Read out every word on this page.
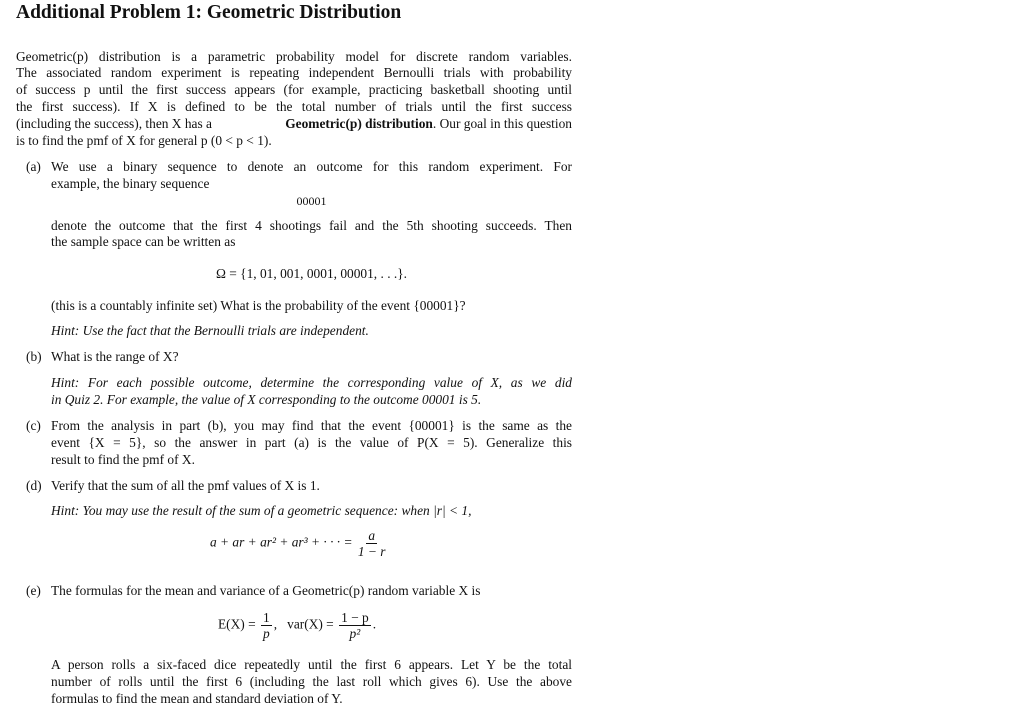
Additional Problem 1: Geometric Distribution
Geometric(p) distribution is a parametric probability model for discrete random variables.
The associated random experiment is repeating independent Bernoulli trials with probability
of success p until the first success appears (for example, practicing basketball shooting until
the first success). If X is defined to be the total number of trials until the first success
(including the success), then X has a	Geometric(p) distribution. Our goal in this question
is to find the pmf of X for general p (0 < p < 1).
(a) We use a binary sequence to denote an outcome for this random experiment. For
example, the binary sequence
00001
denote the outcome that the first 4 shootings fail and the 5th shooting succeeds. Then
the sample space can be written as
Ω = {1, 01, 001, 0001, 00001, . . .}.
(this is a countably infinite set) What is the probability of the event {00001}?
Hint: Use the fact that the Bernoulli trials are independent.
(b) What is the range of X?
Hint: For each possible outcome, determine the corresponding value of X, as we did
in Quiz 2. For example, the value of X corresponding to the outcome 00001 is 5.
(c) From the analysis in part (b), you may find that the event {00001} is the same as the
event {X = 5}, so the answer in part (a) is the value of P(X = 5). Generalize this
result to find the pmf of X.
(d) Verify that the sum of all the pmf values of X is 1.
Hint: You may use the result of the sum of a geometric sequence: when |r| < 1,
a + ar + ar² + ar³ + · · · = $\frac{a}{1 - r}$
(e) The formulas for the mean and variance of a Geometric(p) random variable X is
$E(X) = \frac{1}{p}$ , $var(X) = \frac{1 - p}{\text{p²}}$ .
A person rolls a six-faced dice repeatedly until the first 6 appears. Let Y be the total
number of rolls until the first 6 (including the last roll which gives 6). Use the above
formulas to find the mean and standard deviation of Y.
